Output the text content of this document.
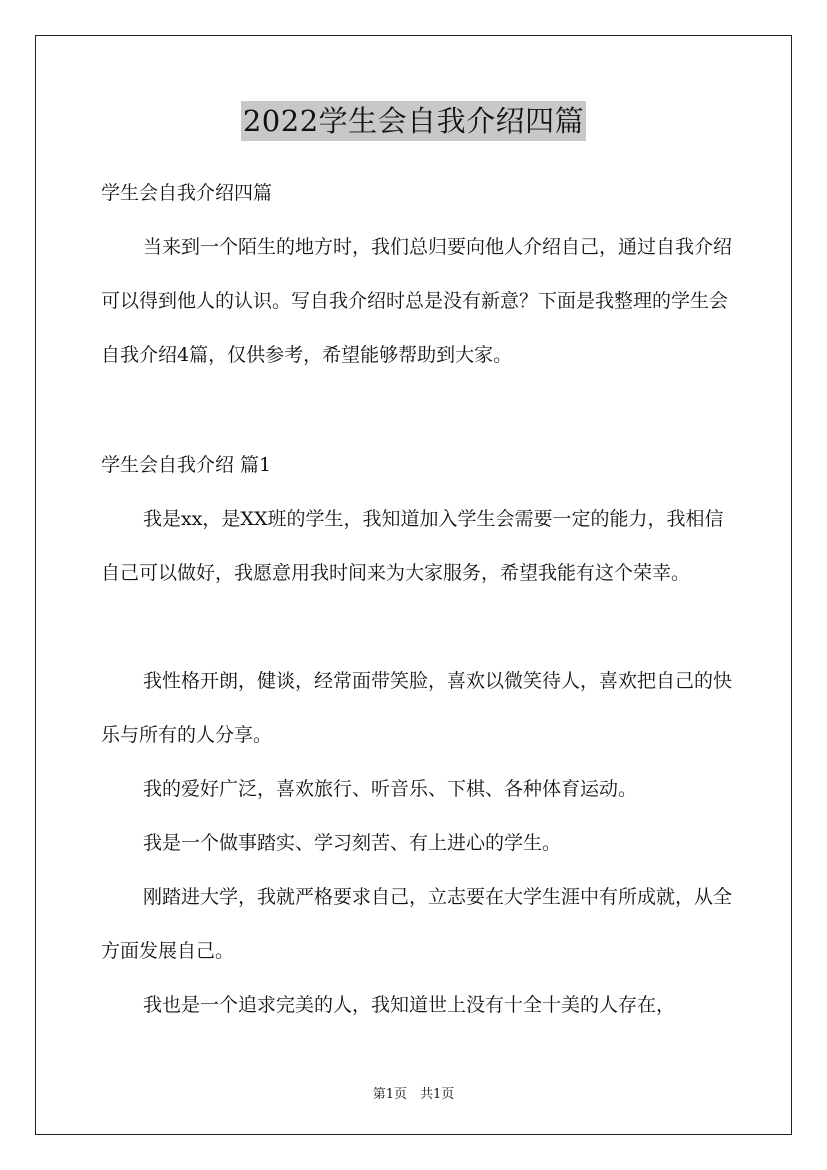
2022学生会自我介绍四篇

学生会自我介绍四篇

当来到一个陌生的地方时，我们总归要向他人介绍自己，通过自我介绍可以得到他人的认识。写自我介绍时总是没有新意？下面是我整理的学生会自我介绍4篇，仅供参考，希望能够帮助到大家。

学生会自我介绍 篇1

我是xx，是XX班的学生，我知道加入学生会需要一定的能力，我相信自己可以做好，我愿意用我时间来为大家服务，希望我能有这个荣幸。

我性格开朗，健谈，经常面带笑脸，喜欢以微笑待人，喜欢把自己的快乐与所有的人分享。

我的爱好广泛，喜欢旅行、听音乐、下棋、各种体育运动。

我是一个做事踏实、学习刻苦、有上进心的学生。

刚踏进大学，我就严格要求自己，立志要在大学生涯中有所成就，从全方面发展自己。

我也是一个追求完美的人，我知道世上没有十全十美的人存在，

第1页　共1页
